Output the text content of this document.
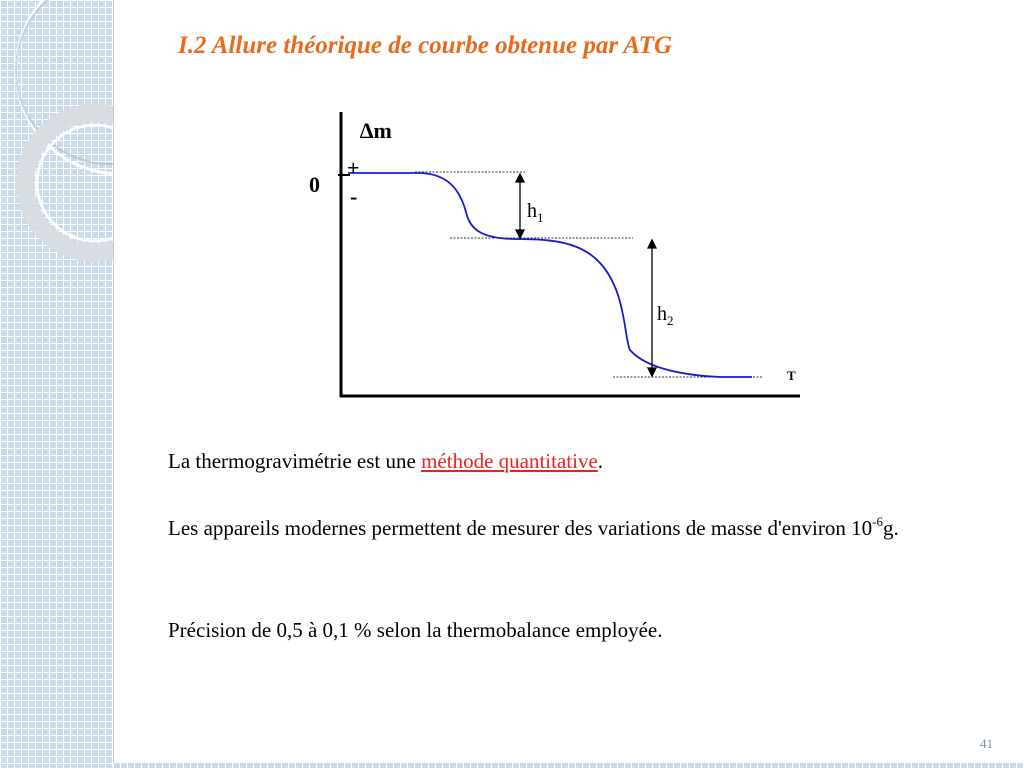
I.2 Allure théorique de courbe obtenue par ATG
∆m
0
+
-
T
$h_1$
$h_2$
La thermogravimétrie est une méthode quantitative.
Les appareils modernes permettent de mesurer des variations de masse d'environ $10^{-6}g$.
Précision de 0,5 à 0,1 % selon la thermobalance employée.
41
